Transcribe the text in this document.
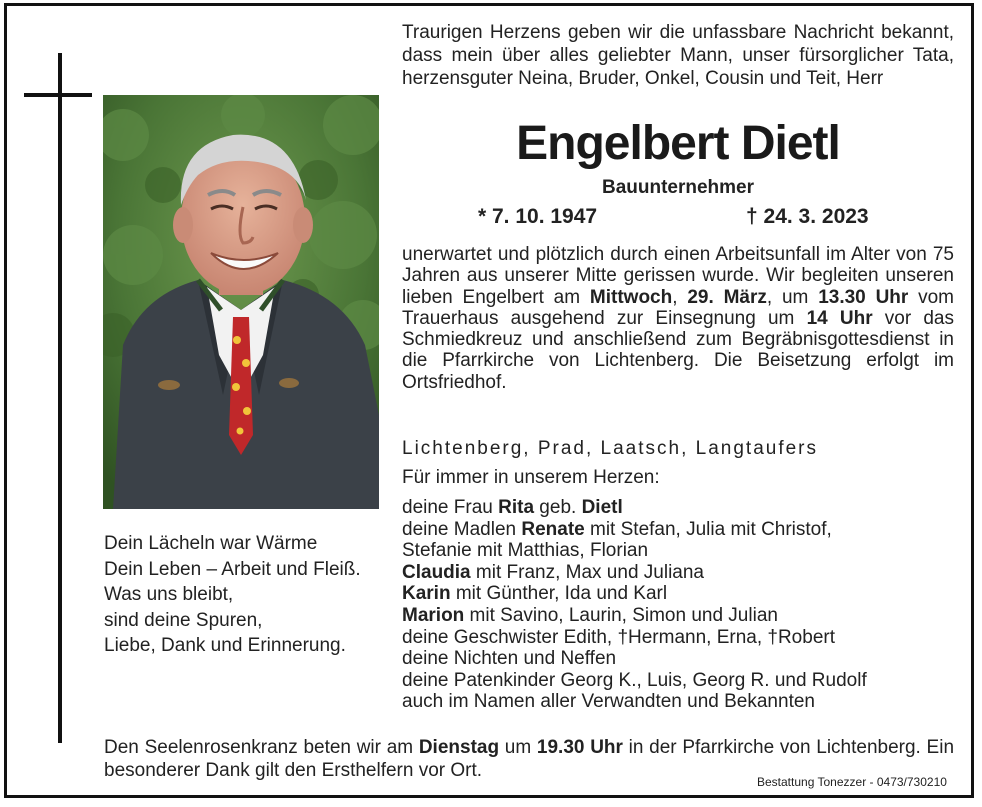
Dein Lächeln war Wärme
Dein Leben – Arbeit und Fleiß.
Was uns bleibt,
sind deine Spuren,
Liebe, Dank und Erinnerung.
Traurigen Herzens geben wir die unfassbare Nachricht bekannt, dass mein über alles geliebter Mann, unser fürsorglicher Tata, herzensguter Neina, Bruder, Onkel, Cousin und Teit, Herr
Engelbert Dietl
Bauunternehmer
* 7. 10. 1947	† 24. 3. 2023
unerwartet und plötzlich durch einen Arbeitsunfall im Alter von 75 Jahren aus unserer Mitte gerissen wurde. Wir begleiten unseren lieben Engelbert am Mittwoch, 29. März, um 13.30 Uhr vom Trauerhaus ausgehend zur Einsegnung um 14 Uhr vor das Schmiedkreuz und anschließend zum Begräbnisgottesdienst in die Pfarrkirche von Lichtenberg. Die Beisetzung erfolgt im Ortsfriedhof.
Lichtenberg, Prad, Laatsch, Langtaufers
Für immer in unserem Herzen:
deine Frau Rita geb. Dietl
deine Madlen Renate mit Stefan, Julia mit Christof,
Stefanie mit Matthias, Florian
Claudia mit Franz, Max und Juliana
Karin mit Günther, Ida und Karl
Marion mit Savino, Laurin, Simon und Julian
deine Geschwister Edith, †Hermann, Erna, †Robert
deine Nichten und Neffen
deine Patenkinder Georg K., Luis, Georg R. und Rudolf
auch im Namen aller Verwandten und Bekannten
Den Seelenrosenkranz beten wir am Dienstag um 19.30 Uhr in der Pfarrkirche von Lichtenberg. Ein besonderer Dank gilt den Ersthelfern vor Ort.
Bestattung Tonezzer - 0473/730210
